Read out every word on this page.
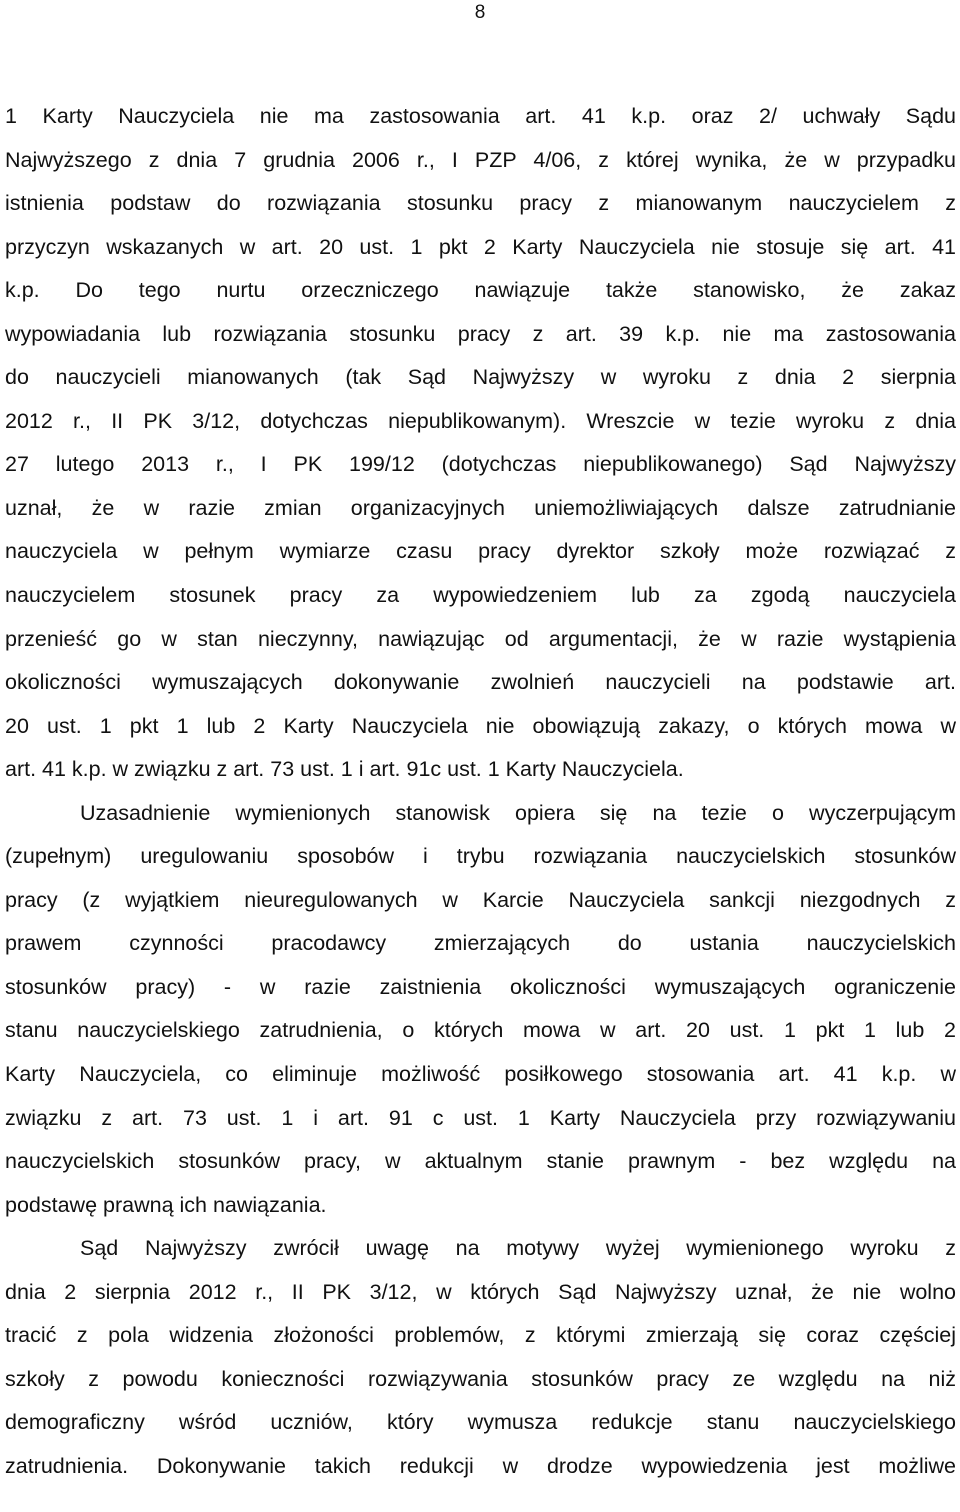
8
1 Karty Nauczyciela nie ma zastosowania art. 41 k.p. oraz 2/ uchwały Sądu
Najwyższego z dnia 7 grudnia 2006 r., I PZP 4/06, z której wynika, że w przypadku
istnienia podstaw do rozwiązania stosunku pracy z mianowanym nauczycielem z
przyczyn wskazanych w art. 20 ust. 1 pkt 2 Karty Nauczyciela nie stosuje się art. 41
k.p. Do tego nurtu orzeczniczego nawiązuje także stanowisko, że zakaz
wypowiadania lub rozwiązania stosunku pracy z art. 39 k.p. nie ma zastosowania
do nauczycieli mianowanych (tak Sąd Najwyższy w wyroku z dnia 2 sierpnia
2012 r., II PK 3/12, dotychczas niepublikowanym). Wreszcie w tezie wyroku z dnia
27 lutego 2013 r., I PK 199/12 (dotychczas niepublikowanego) Sąd Najwyższy
uznał, że w razie zmian organizacyjnych uniemożliwiających dalsze zatrudnianie
nauczyciela w pełnym wymiarze czasu pracy dyrektor szkoły może rozwiązać z
nauczycielem stosunek pracy za wypowiedzeniem lub za zgodą nauczyciela
przenieść go w stan nieczynny, nawiązując od argumentacji, że w razie wystąpienia
okoliczności wymuszających dokonywanie zwolnień nauczycieli na podstawie art.
20 ust. 1 pkt 1 lub 2 Karty Nauczyciela nie obowiązują zakazy, o których mowa w
art. 41 k.p. w związku z art. 73 ust. 1 i art. 91c ust. 1 Karty Nauczyciela.
Uzasadnienie wymienionych stanowisk opiera się na tezie o wyczerpującym
(zupełnym) uregulowaniu sposobów i trybu rozwiązania nauczycielskich stosunków
pracy (z wyjątkiem nieuregulowanych w Karcie Nauczyciela sankcji niezgodnych z
prawem czynności pracodawcy zmierzających do ustania nauczycielskich
stosunków pracy) - w razie zaistnienia okoliczności wymuszających ograniczenie
stanu nauczycielskiego zatrudnienia, o których mowa w art. 20 ust. 1 pkt 1 lub 2
Karty Nauczyciela, co eliminuje możliwość posiłkowego stosowania art. 41 k.p. w
związku z art. 73 ust. 1 i art. 91 c ust. 1 Karty Nauczyciela przy rozwiązywaniu
nauczycielskich stosunków pracy, w aktualnym stanie prawnym - bez względu na
podstawę prawną ich nawiązania.
Sąd Najwyższy zwrócił uwagę na motywy wyżej wymienionego wyroku z
dnia 2 sierpnia 2012 r., II PK 3/12, w których Sąd Najwyższy uznał, że nie wolno
tracić z pola widzenia złożoności problemów, z którymi zmierzają się coraz częściej
szkoły z powodu konieczności rozwiązywania stosunków pracy ze względu na niż
demograficzny wśród uczniów, który wymusza redukcje stanu nauczycielskiego
zatrudnienia. Dokonywanie takich redukcji w drodze wypowiedzenia jest możliwe
